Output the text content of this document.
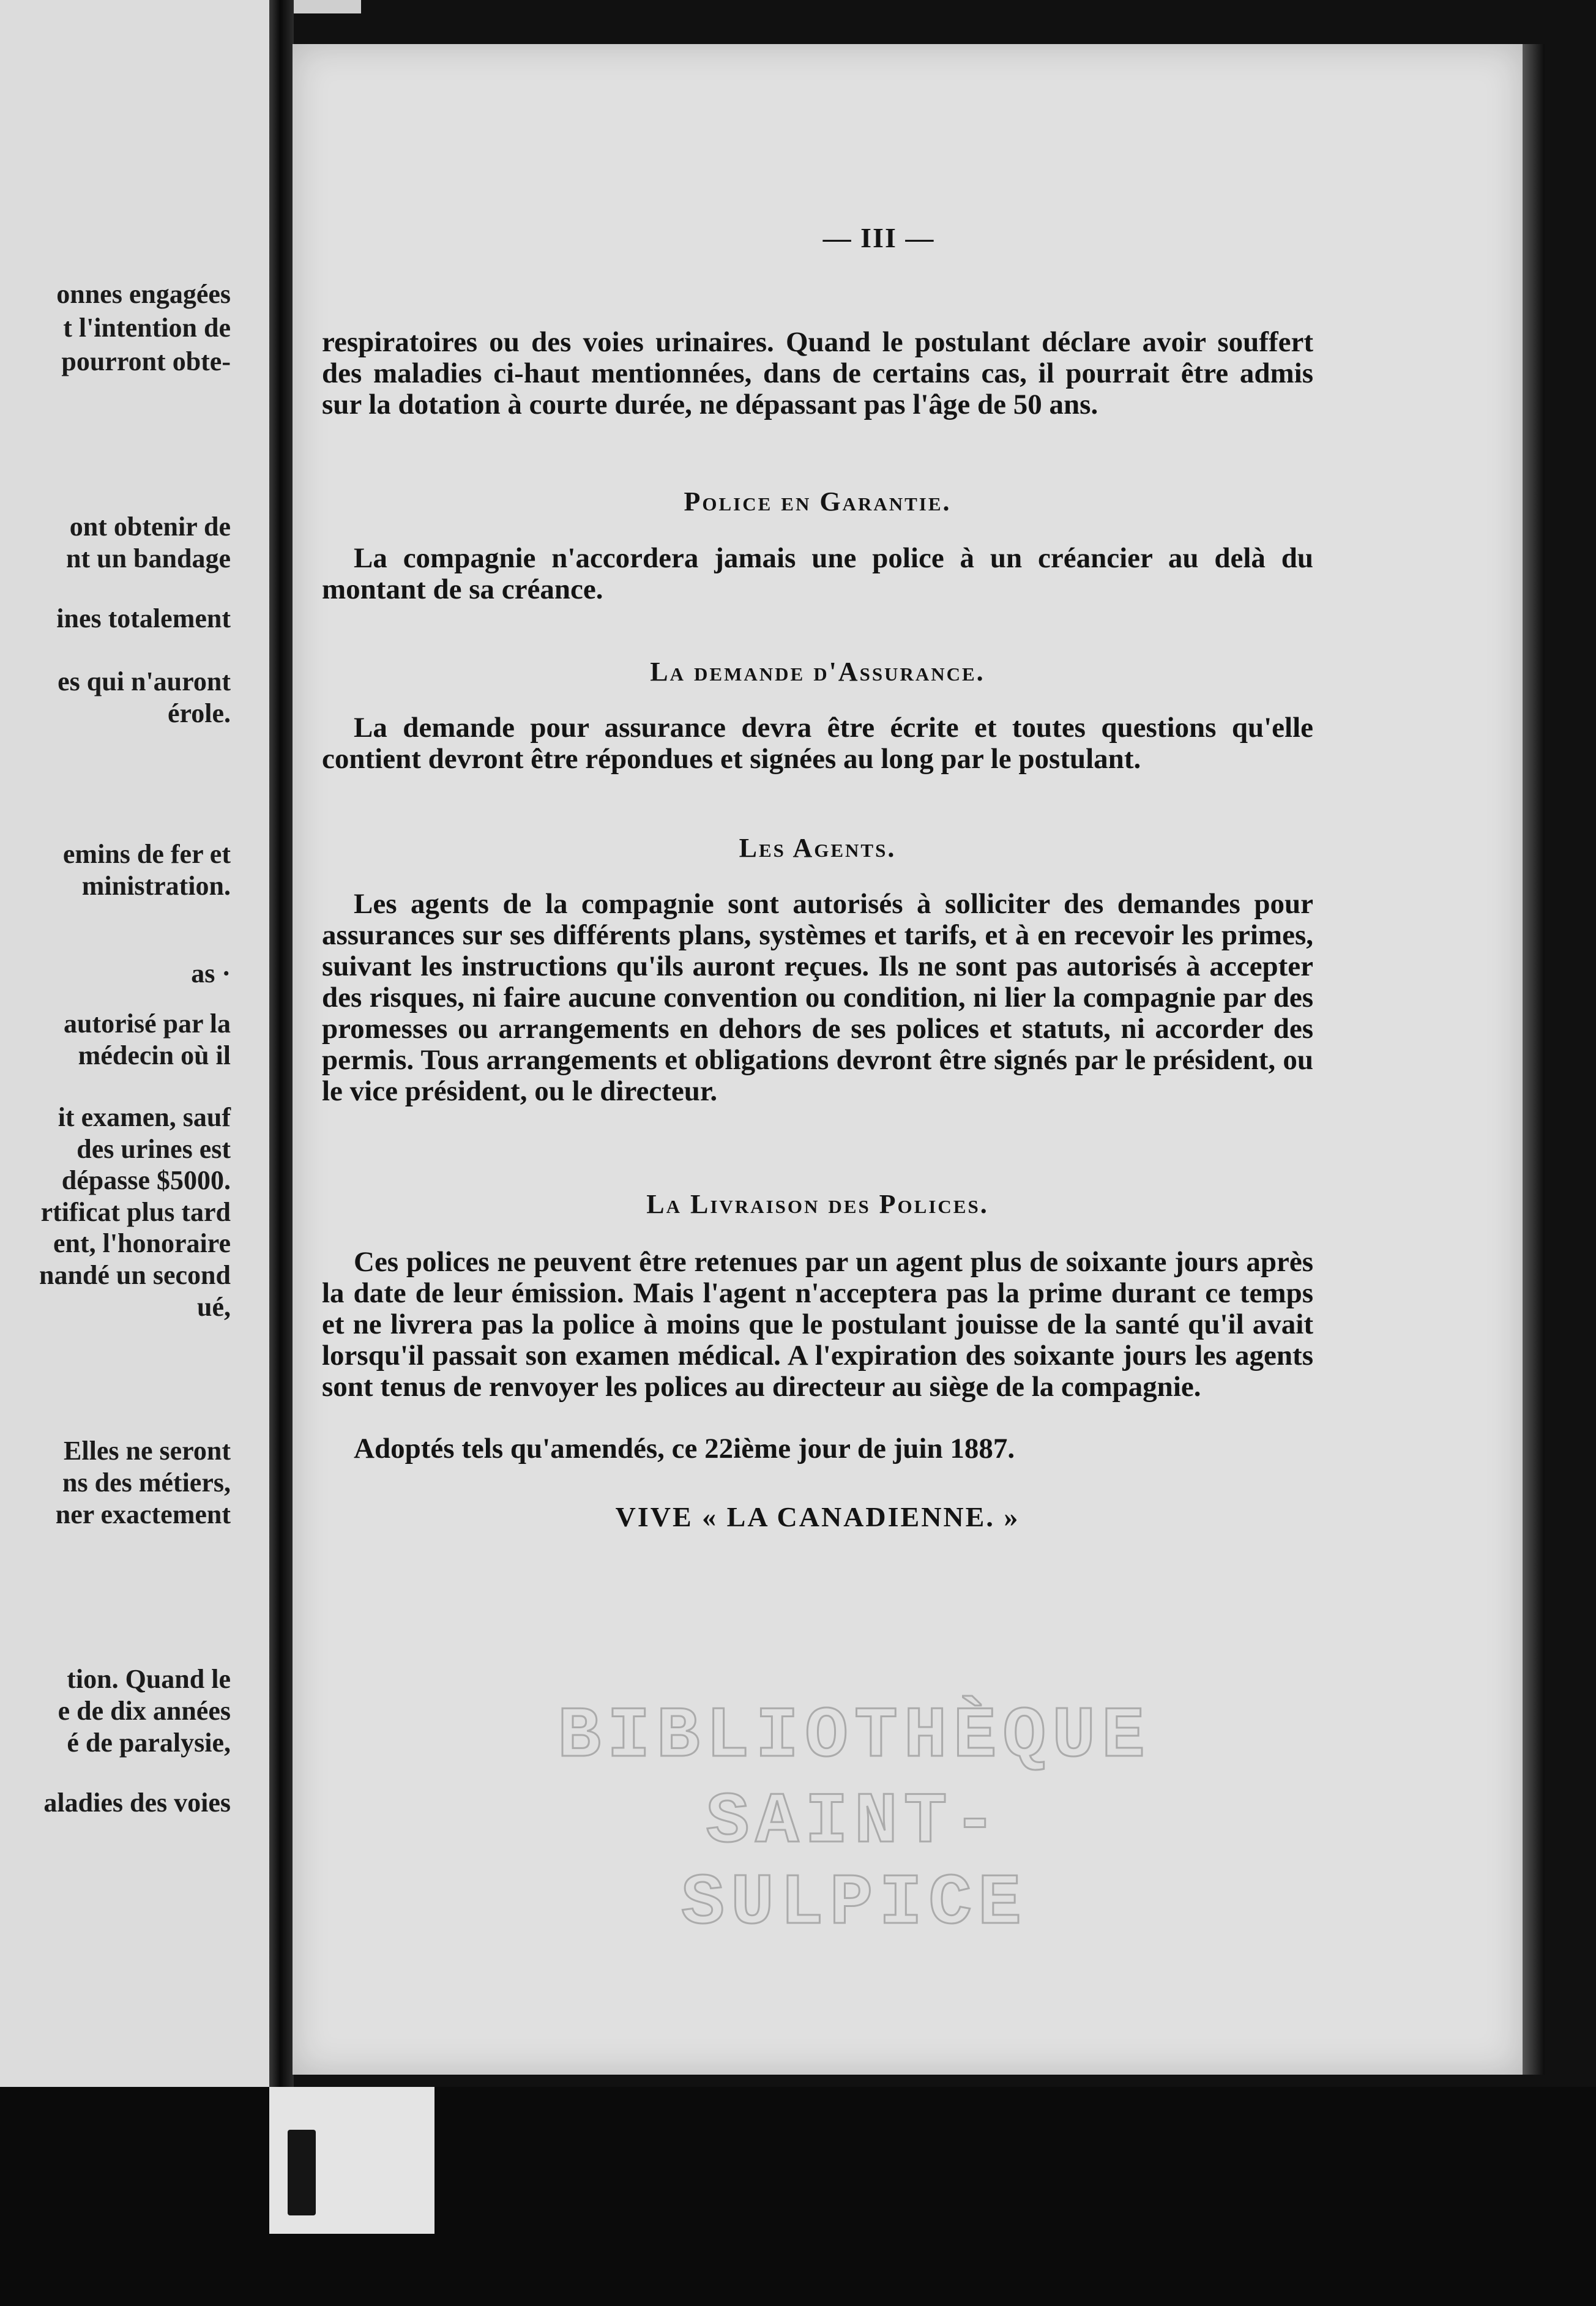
onnes engagées
t l'intention de
pourront obte-
ont obtenir de
nt un bandage
ines totalement
es qui n'auront
érole.
emins de fer et
ministration.
as ·
autorisé par la
médecin où il
it examen, sauf
des urines est
dépasse $5000.
rtificat plus tard
ent, l'honoraire
nandé un second
ué,
Elles ne seront
ns des métiers,
ner exactement
tion. Quand le
e de dix années
é de paralysie,
aladies des voies
— III —
respiratoires ou des voies urinaires. Quand le postulant déclare avoir souffert des maladies ci-haut mentionnées, dans de certains cas, il pourrait être admis sur la dotation à courte durée, ne dépassant pas l'âge de 50 ans.
Police en Garantie.
La compagnie n'accordera jamais une police à un créancier au delà du montant de sa créance.
La demande d'Assurance.
La demande pour assurance devra être écrite et toutes questions qu'elle contient devront être répondues et signées au long par le postulant.
Les Agents.
Les agents de la compagnie sont autorisés à solliciter des demandes pour assurances sur ses différents plans, systèmes et tarifs, et à en recevoir les primes, suivant les instructions qu'ils auront reçues. Ils ne sont pas autorisés à accepter des risques, ni faire aucune convention ou condition, ni lier la compagnie par des promesses ou arrangements en dehors de ses polices et statuts, ni accorder des permis. Tous arrangements et obligations devront être signés par le président, ou le vice président, ou le directeur.
La Livraison des Polices.
Ces polices ne peuvent être retenues par un agent plus de soixante jours après la date de leur émission. Mais l'agent n'acceptera pas la prime durant ce temps et ne livrera pas la police à moins que le postulant jouisse de la santé qu'il avait lorsqu'il passait son examen médical. A l'expiration des soixante jours les agents sont tenus de renvoyer les polices au directeur au siège de la compagnie.
Adoptés tels qu'amendés, ce 22ième jour de juin 1887.
VIVE « LA CANADIENNE. »
BIBLIOTHÈQUE
SAINT-SULPICE
